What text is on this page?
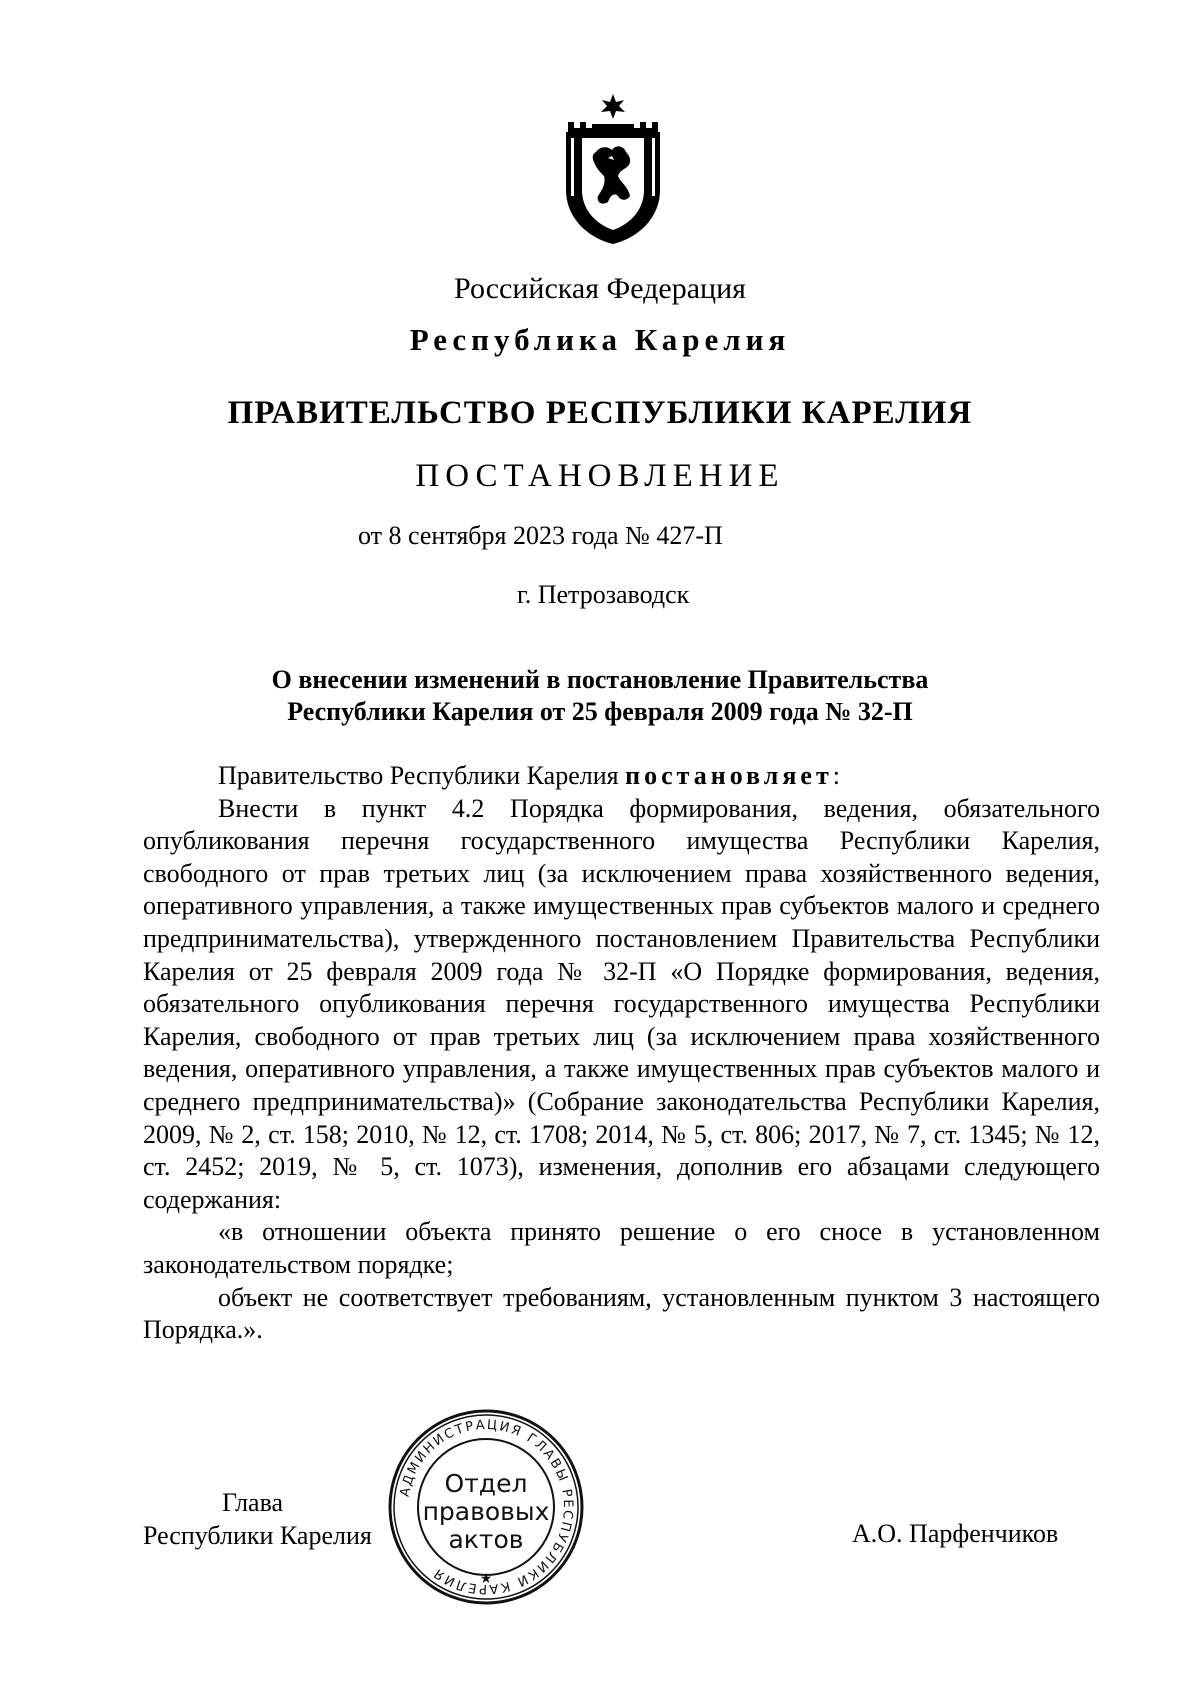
Российская Федерация
Республика Карелия
ПРАВИТЕЛЬСТВО РЕСПУБЛИКИ КАРЕЛИЯ
ПОСТАНОВЛЕНИЕ
от 8 сентября 2023 года № 427-П
г. Петрозаводск
О внесении изменений в постановление Правительства
Республики Карелия от 25 февраля 2009 года № 32-П

Правительство Республики Карелия постановляет:

Внести в пункт 4.2 Порядка формирования, ведения, обязательного опубликования перечня государственного имущества Республики Карелия, свободного от прав третьих лиц (за исключением права хозяйственного ведения, оперативного управления, а также имущественных прав субъектов малого и среднего предпринимательства), утвержденного постановлением Правительства Республики Карелия от 25 февраля 2009 года № 32-П «О Порядке формирования, ведения, обязательного опубликования перечня государственного имущества Республики Карелия, свободного от прав третьих лиц (за исключением права хозяйственного ведения, оперативного управления, а также имущественных прав субъектов малого и среднего предпринимательства)» (Собрание законодательства Республики Карелия, 2009, № 2, ст. 158; 2010, № 12, ст. 1708; 2014, № 5, ст. 806; 2017, № 7, ст. 1345; № 12, ст. 2452; 2019, № 5, ст. 1073), изменения, дополнив его абзацами следующего содержания:

«в отношении объекта принято решение о его сносе в установленном законодательством порядке;

объект не соответствует требованиям, установленным пунктом 3 настоящего Порядка.».

Глава
Республики Карелия	А.О. Парфенчиков
АДМИНИСТРАЦИЯ ГЛАВЫ РЕСПУБЛИКИ КАРЕЛИЯ	★
Отдел
правовых
актов
